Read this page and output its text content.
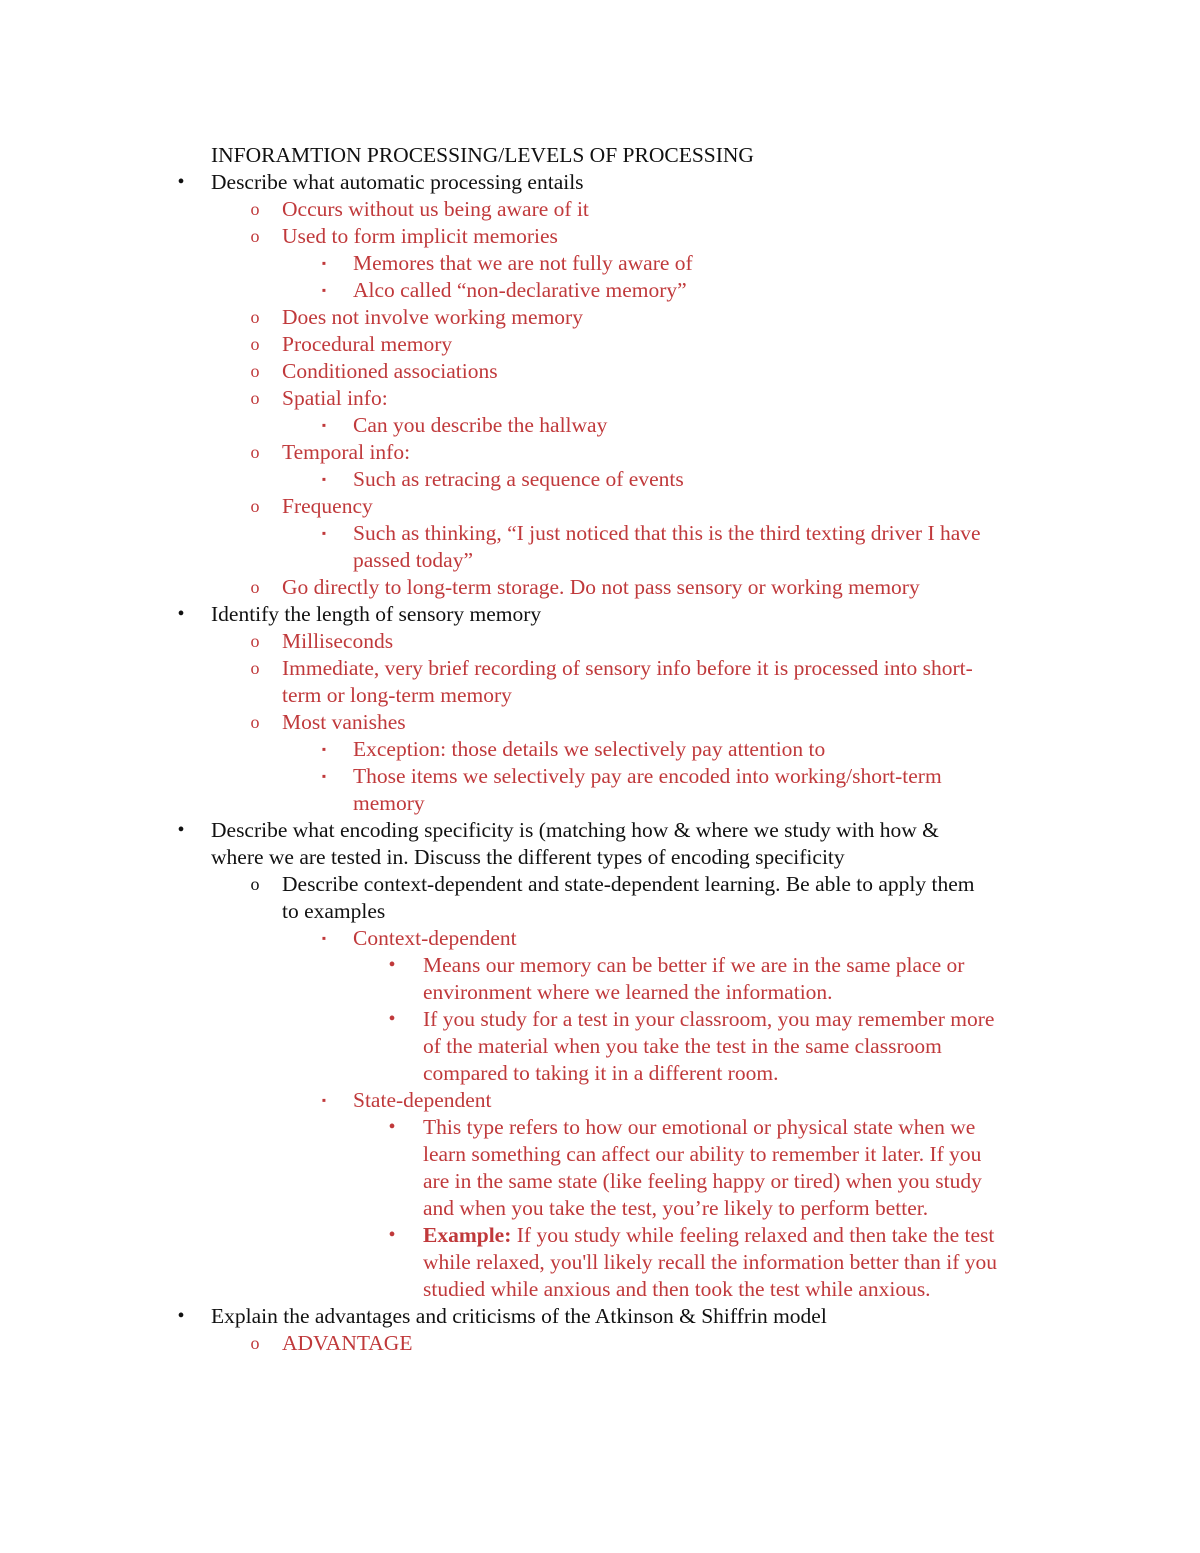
INFORAMTION PROCESSING/LEVELS OF PROCESSING
•	Describe what automatic processing entails
o Occurs without us being aware of it
o Used to form implicit memories
▪	Memores that we are not fully aware of
▪	Alco called “non-declarative memory”
o Does not involve working memory
o Procedural memory
o Conditioned associations
o Spatial info:
▪	Can you describe the hallway
o Temporal info:
▪	Such as retracing a sequence of events
o Frequency
▪	Such as thinking, “I just noticed that this is the third texting driver I have
passed today”
o Go directly to long-term storage. Do not pass sensory or working memory
•	Identify the length of sensory memory
o Milliseconds
o Immediate, very brief recording of sensory info before it is processed into short-
term or long-term memory
o Most vanishes
▪	Exception: those details we selectively pay attention to
▪	Those items we selectively pay are encoded into working/short-term
memory
•	Describe what encoding specificity is (matching how & where we study with how &
where we are tested in. Discuss the different types of encoding specificity
o Describe context-dependent and state-dependent learning. Be able to apply them
to examples
▪	Context-dependent
•	Means our memory can be better if we are in the same place or
environment where we learned the information.
•	If you study for a test in your classroom, you may remember more
of the material when you take the test in the same classroom
compared to taking it in a different room.
▪	State-dependent
•	This type refers to how our emotional or physical state when we
learn something can affect our ability to remember it later. If you
are in the same state (like feeling happy or tired) when you study
and when you take the test, you’re likely to perform better.
•	Example: If you study while feeling relaxed and then take the test
while relaxed, you'll likely recall the information better than if you
studied while anxious and then took the test while anxious.
•	Explain the advantages and criticisms of the Atkinson & Shiffrin model
o ADVANTAGE
